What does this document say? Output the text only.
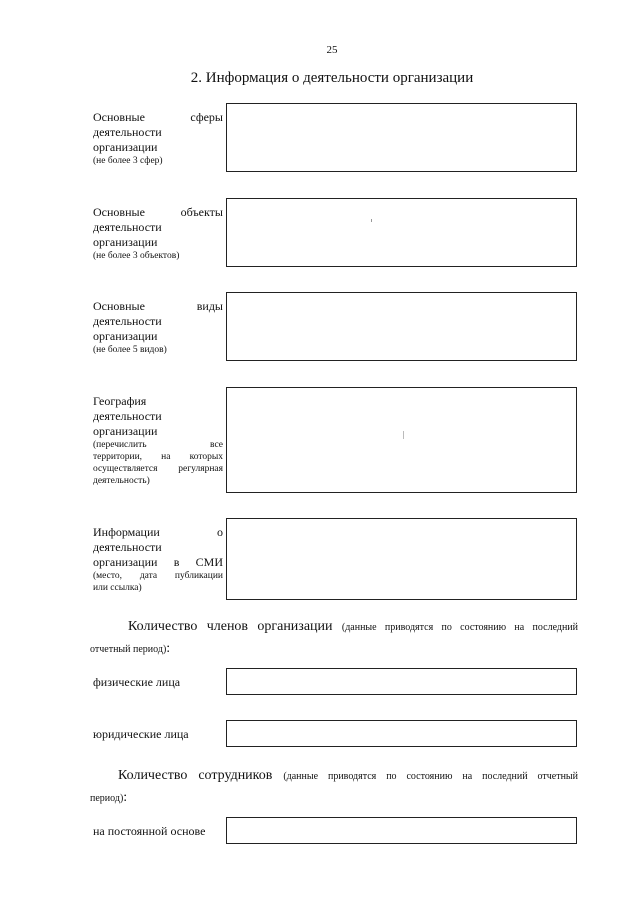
25
2. Информация о деятельности организации
Основные	сферы
деятельности
организации
(не более 3 сфер)
Основные	объекты
деятельности
организации
(не более 3 объектов)
Основные	виды
деятельности
организации
(не более 5 видов)
География
деятельности
организации
(перечислить	все
территории, на которых
осуществляется регулярная
деятельность)
Информации	о
деятельности
организации в СМИ
(место, дата публикации
или ссылка)
Количество членов организации (данные приводятся по состоянию на последний
отчетный период):
физические лица
юридические лица
Количество сотрудников (данные приводятся по состоянию на последний отчетный
период):
на постоянной основе
